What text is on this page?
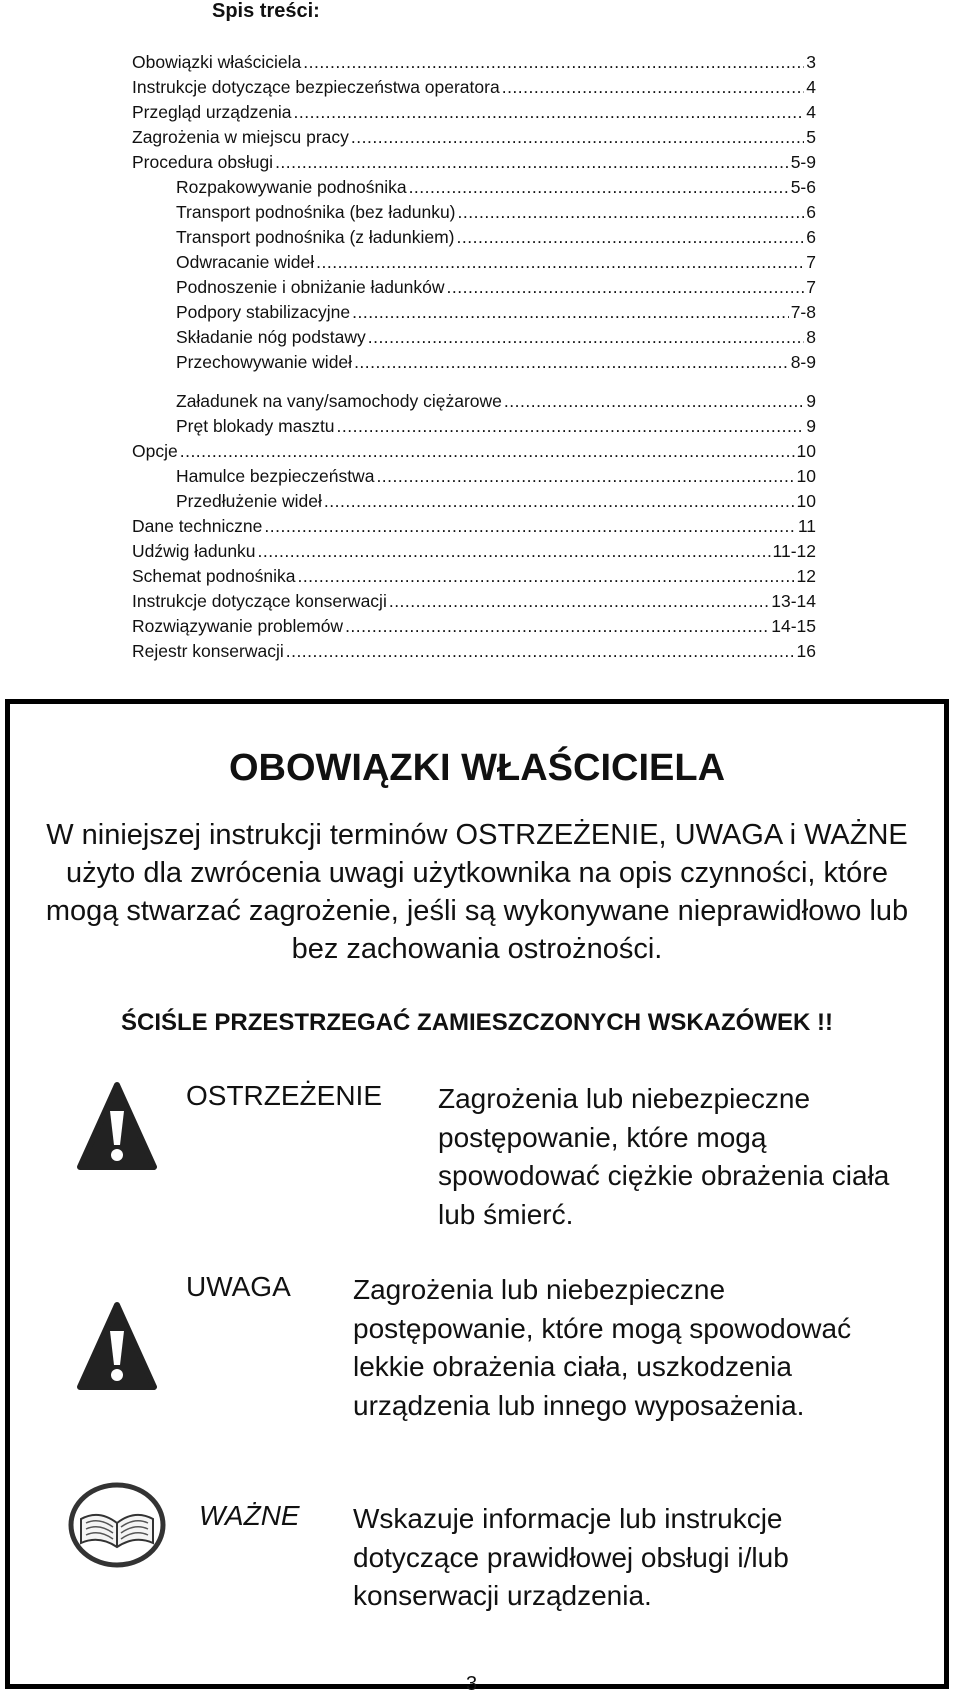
Spis treści:
Obowiązki właściciela .....	3
Instrukcje dotyczące bezpieczeństwa operatora .....	4
Przegląd urządzenia .....	4
Zagrożenia w miejscu pracy .....	5
Procedura obsługi .....	5-9
Rozpakowywanie podnośnika .....	5-6
Transport podnośnika (bez ładunku) .....	6
Transport podnośnika (z ładunkiem) .....	6
Odwracanie wideł .....	7
Podnoszenie i obniżanie ładunków .....	7
Podpory stabilizacyjne .....	7-8
Składanie nóg podstawy .....	8
Przechowywanie wideł .....	8-9
Załadunek na vany/samochody ciężarowe .....	9
Pręt blokady masztu .....	9
Opcje .....	10
Hamulce bezpieczeństwa .....	10
Przedłużenie wideł .....	10
Dane techniczne .....	11
Udźwig ładunku .....	11-12
Schemat podnośnika .....	12
Instrukcje dotyczące konserwacji .....	13-14
Rozwiązywanie problemów .....	14-15
Rejestr konserwacji .....	16
OBOWIĄZKI WŁAŚCICIELA
W niniejszej instrukcji terminów OSTRZEŻENIE, UWAGA i WAŻNE użyto dla zwrócenia uwagi użytkownika na opis czynności, które mogą stwarzać zagrożenie, jeśli są wykonywane nieprawidłowo lub bez zachowania ostrożności.
ŚCIŚLE PRZESTRZEGAĆ ZAMIESZCZONYCH WSKAZÓWEK !!
OSTRZEŻENIE Zagrożenia lub niebezpieczne postępowanie, które mogą spowodować ciężkie obrażenia ciała lub śmierć.
UWAGA Zagrożenia lub niebezpieczne postępowanie, które mogą spowodować lekkie obrażenia ciała, uszkodzenia urządzenia lub innego wyposażenia.
WAŻNE Wskazuje informacje lub instrukcje dotyczące prawidłowej obsługi i/lub konserwacji urządzenia.
3
